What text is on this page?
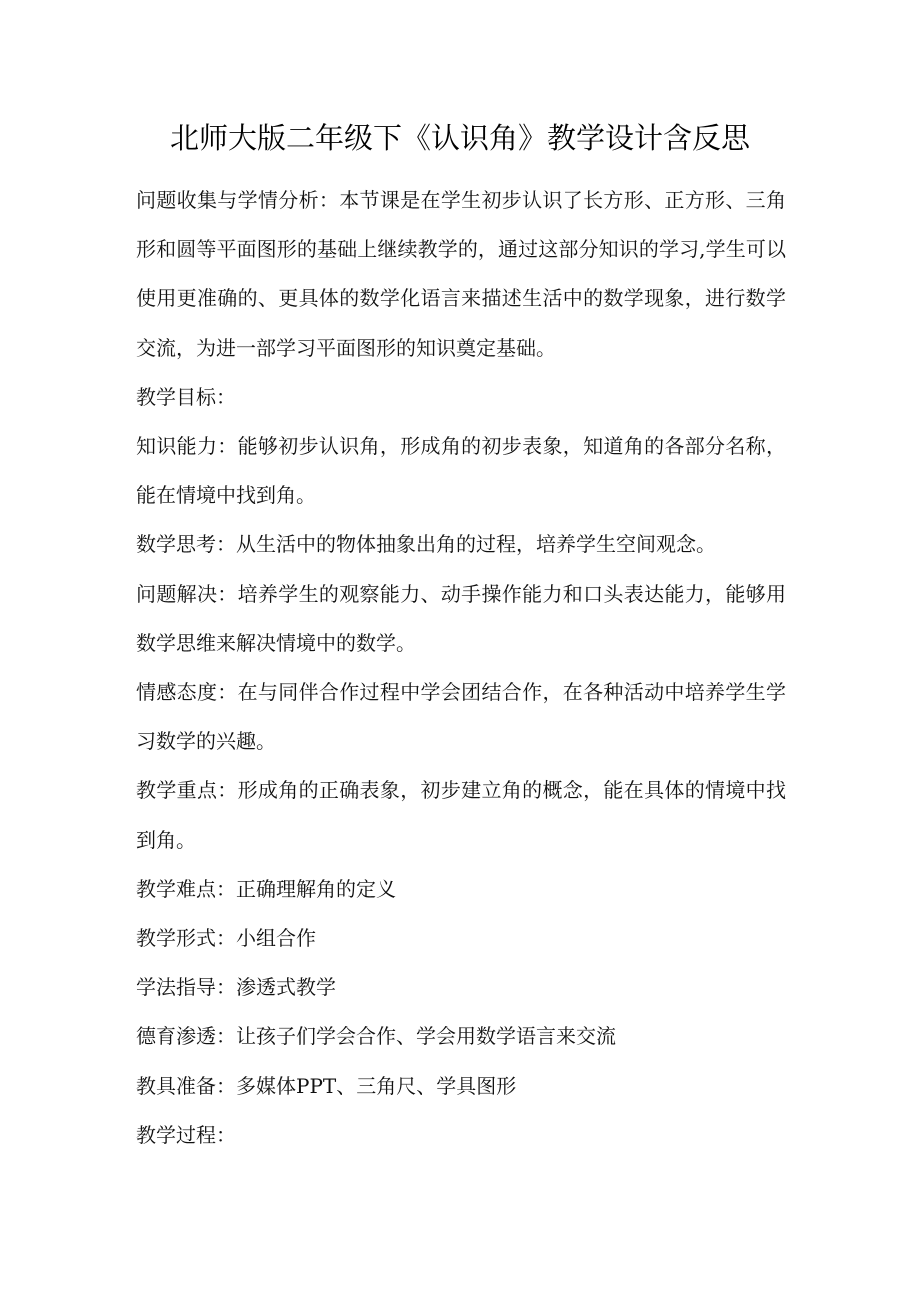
北师大版二年级下《认识角》教学设计含反思

问题收集与学情分析：本节课是在学生初步认识了长方形、正方形、三角形和圆等平面图形的基础上继续教学的，通过这部分知识的学习,学生可以使用更准确的、更具体的数学化语言来描述生活中的数学现象，进行数学交流，为进一部学习平面图形的知识奠定基础。

教学目标：

知识能力：能够初步认识角，形成角的初步表象，知道角的各部分名称，能在情境中找到角。

数学思考：从生活中的物体抽象出角的过程，培养学生空间观念。

问题解决：培养学生的观察能力、动手操作能力和口头表达能力，能够用数学思维来解决情境中的数学。

情感态度：在与同伴合作过程中学会团结合作，在各种活动中培养学生学习数学的兴趣。

教学重点：形成角的正确表象，初步建立角的概念，能在具体的情境中找到角。

教学难点：正确理解角的定义

教学形式：小组合作

学法指导：渗透式教学

德育渗透：让孩子们学会合作、学会用数学语言来交流

教具准备：多媒体PPT、三角尺、学具图形

教学过程：
